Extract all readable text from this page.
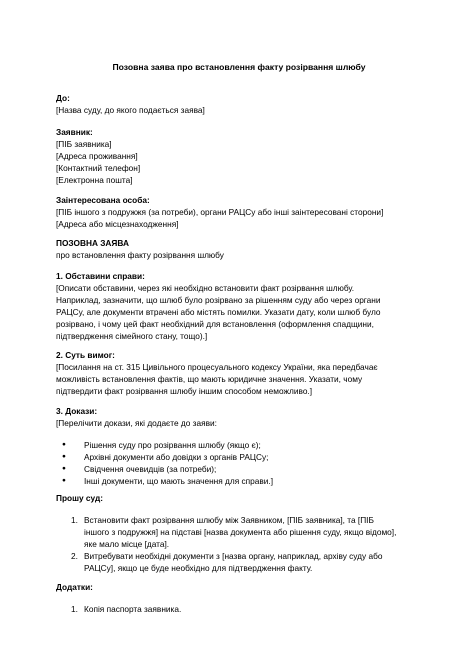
Позовна заява про встановлення факту розірвання шлюбу

До:

[Назва суду, до якого подається заява]

Заявник:

[ПІБ заявника]

[Адреса проживання]

[Контактний телефон]

[Електронна пошта]

Заінтересована особа:

[ПІБ іншого з подружжя (за потреби), органи РАЦСу або інші заінтересовані сторони]

[Адреса або місцезнаходження]

ПОЗОВНА ЗАЯВА

про встановлення факту розірвання шлюбу

1. Обставини справи:

[Описати обставини, через які необхідно встановити факт розірвання шлюбу.

Наприклад, зазначити, що шлюб було розірвано за рішенням суду або через органи

РАЦСу, але документи втрачені або містять помилки. Указати дату, коли шлюб було

розірвано, і чому цей факт необхідний для встановлення (оформлення спадщини,

підтвердження сімейного стану, тощо).]

2. Суть вимог:

[Посилання на ст. 315 Цивільного процесуального кодексу України, яка передбачає

можливість встановлення фактів, що мають юридичне значення. Указати, чому

підтвердити факт розірвання шлюбу іншим способом неможливо.]

3. Докази:

[Перелічити докази, які додаєте до заяви:

● Рішення суду про розірвання шлюбу (якщо є);
● Архівні документи або довідки з органів РАЦСу;
● Свідчення очевидців (за потреби);
● Інші документи, що мають значення для справи.]

Прошу суд:

1. Встановити факт розірвання шлюбу між Заявником, [ПІБ заявника], та [ПІБ

іншого з подружжя] на підставі [назва документа або рішення суду, якщо відомо],

яке мало місце [дата].

2. Витребувати необхідні документи з [назва органу, наприклад, архіву суду або

РАЦСу], якщо це буде необхідно для підтвердження факту.

Додатки:

1. Копія паспорта заявника.
